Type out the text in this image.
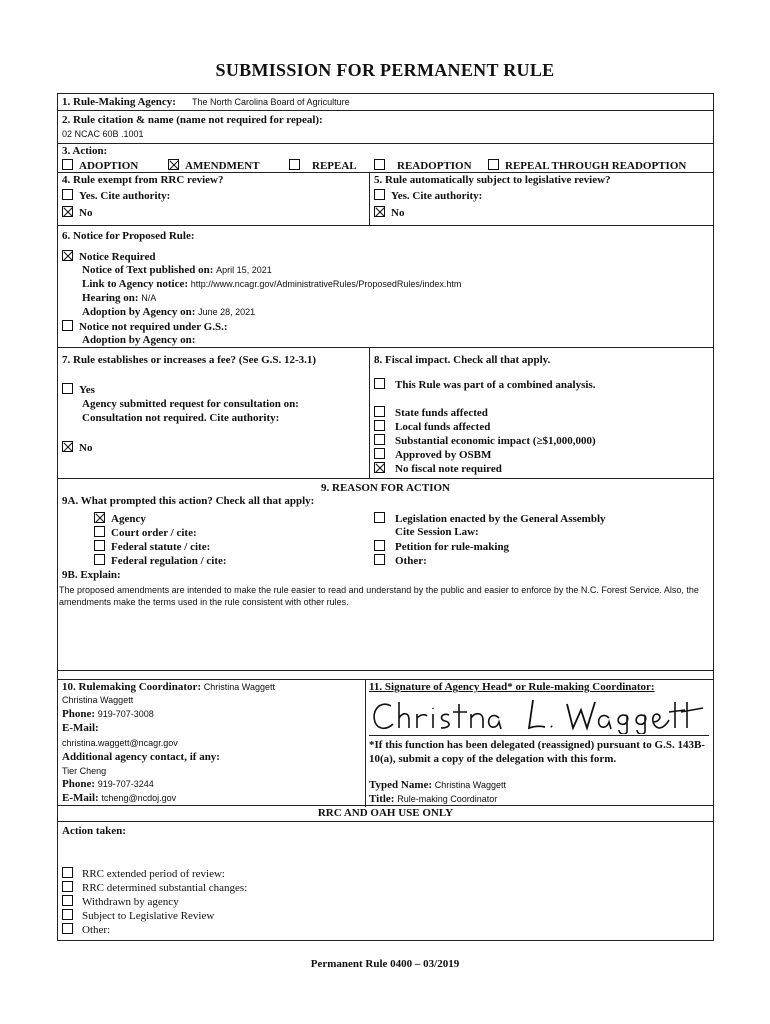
SUBMISSION FOR PERMANENT RULE
1. Rule-Making Agency: The North Carolina Board of Agriculture
2. Rule citation & name (name not required for repeal):
02 NCAC 60B .1001
3. Action:
ADOPTION	AMENDMENT	REPEAL	READOPTION	REPEAL THROUGH READOPTION
4. Rule exempt from RRC review?
Yes. Cite authority:
No
5. Rule automatically subject to legislative review?
Yes. Cite authority:
No
6. Notice for Proposed Rule:
Notice Required
Notice of Text published on: April 15, 2021
Link to Agency notice: http://www.ncagr.gov/AdministrativeRules/ProposedRules/index.htm
Hearing on: N/A
Adoption by Agency on: June 28, 2021
Notice not required under G.S.:
Adoption by Agency on:
7. Rule establishes or increases a fee? (See G.S. 12-3.1)
Yes
Agency submitted request for consultation on:
Consultation not required. Cite authority:
No
8. Fiscal impact. Check all that apply.
This Rule was part of a combined analysis.
State funds affected
Local funds affected
Substantial economic impact (≥$1,000,000)
Approved by OSBM
No fiscal note required
9. REASON FOR ACTION
9A. What prompted this action? Check all that apply:
Agency
Court order / cite:
Federal statute / cite:
Federal regulation / cite:
Legislation enacted by the General Assembly
Cite Session Law:
Petition for rule-making
Other:
9B. Explain:
The proposed amendments are intended to make the rule easier to read and understand by the public and easier to enforce by the N.C. Forest Service. Also, the amendments make the terms used in the rule consistent with other rules.
10. Rulemaking Coordinator: Christina Waggett
Christina Waggett
Phone: 919-707-3008
E-Mail:
christina.waggett@ncagr.gov
Additional agency contact, if any:
Tier Cheng
Phone: 919-707-3244
E-Mail: tcheng@ncdoj.gov
11. Signature of Agency Head* or Rule-making Coordinator:
*If this function has been delegated (reassigned) pursuant to G.S. 143B-10(a), submit a copy of the delegation with this form.
Typed Name: Christina Waggett
Title: Rule-making Coordinator
RRC AND OAH USE ONLY
Action taken:
RRC extended period of review:
RRC determined substantial changes:
Withdrawn by agency
Subject to Legislative Review
Other:
Permanent Rule 0400 – 03/2019
